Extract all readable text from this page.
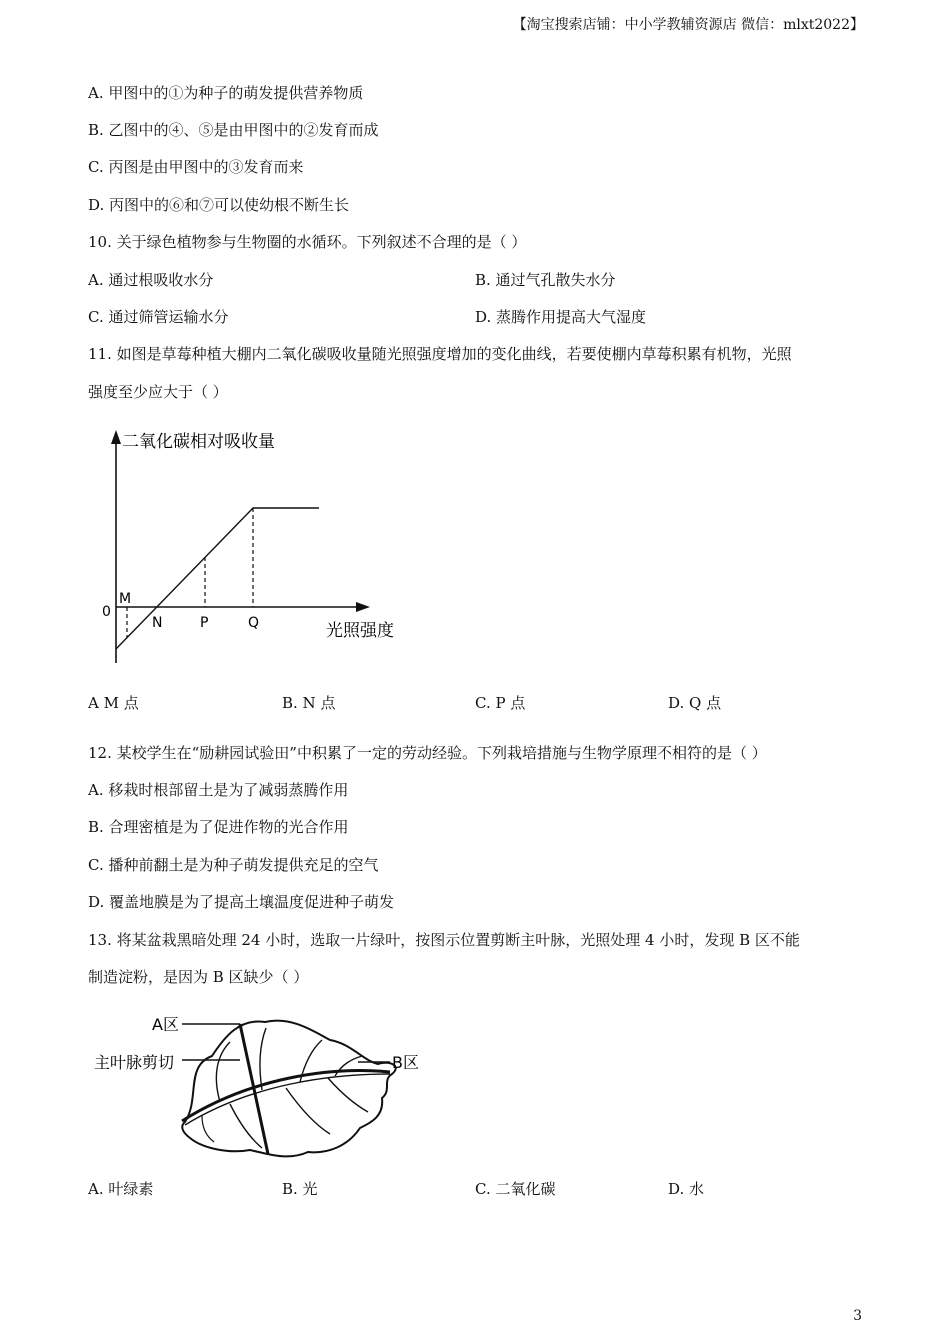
【淘宝搜索店铺：中小学教辅资源店 微信：mlxt2022】
A. 甲图中的①为种子的萌发提供营养物质
B. 乙图中的④、⑤是由甲图中的②发育而成
C. 丙图是由甲图中的③发育而来
D. 丙图中的⑥和⑦可以使幼根不断生长
10. 关于绿色植物参与生物圈的水循环。下列叙述不合理的是（ ）
A. 通过根吸收水分	B. 通过气孔散失水分
C. 通过筛管运输水分	D. 蒸腾作用提高大气湿度
11. 如图是草莓种植大棚内二氧化碳吸收量随光照强度增加的变化曲线，若要使棚内草莓积累有机物，光照
强度至少应大于（ ）
二氧化碳相对吸收量
光照强度
0
M
N	P	Q
A M 点	B. N 点	C. P 点	D. Q 点
12. 某校学生在“励耕园试验田”中积累了一定的劳动经验。下列栽培措施与生物学原理不相符的是（ ）
A. 移栽时根部留土是为了减弱蒸腾作用
B. 合理密植是为了促进作物的光合作用
C. 播种前翻土是为种子萌发提供充足的空气
D. 覆盖地膜是为了提高土壤温度促进种子萌发
13. 将某盆栽黑暗处理 24 小时，选取一片绿叶，按图示位置剪断主叶脉，光照处理 4 小时，发现 B 区不能
制造淀粉，是因为 B 区缺少（ ）
A区
主叶脉剪切	B区
A. 叶绿素	B. 光	C. 二氧化碳	D. 水
3
